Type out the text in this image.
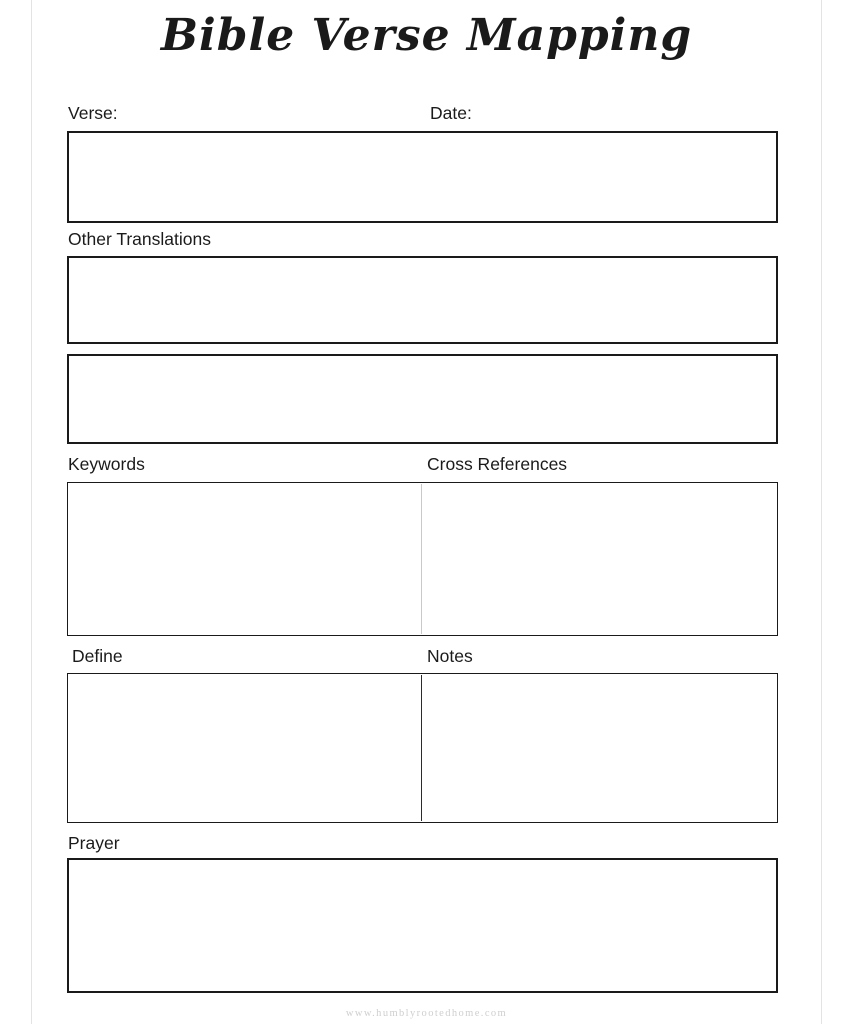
Bible Verse Mapping
Verse:	Date:
Other Translations
Keywords	Cross References
Define	Notes
Prayer
www.humblyrootedhome.com
